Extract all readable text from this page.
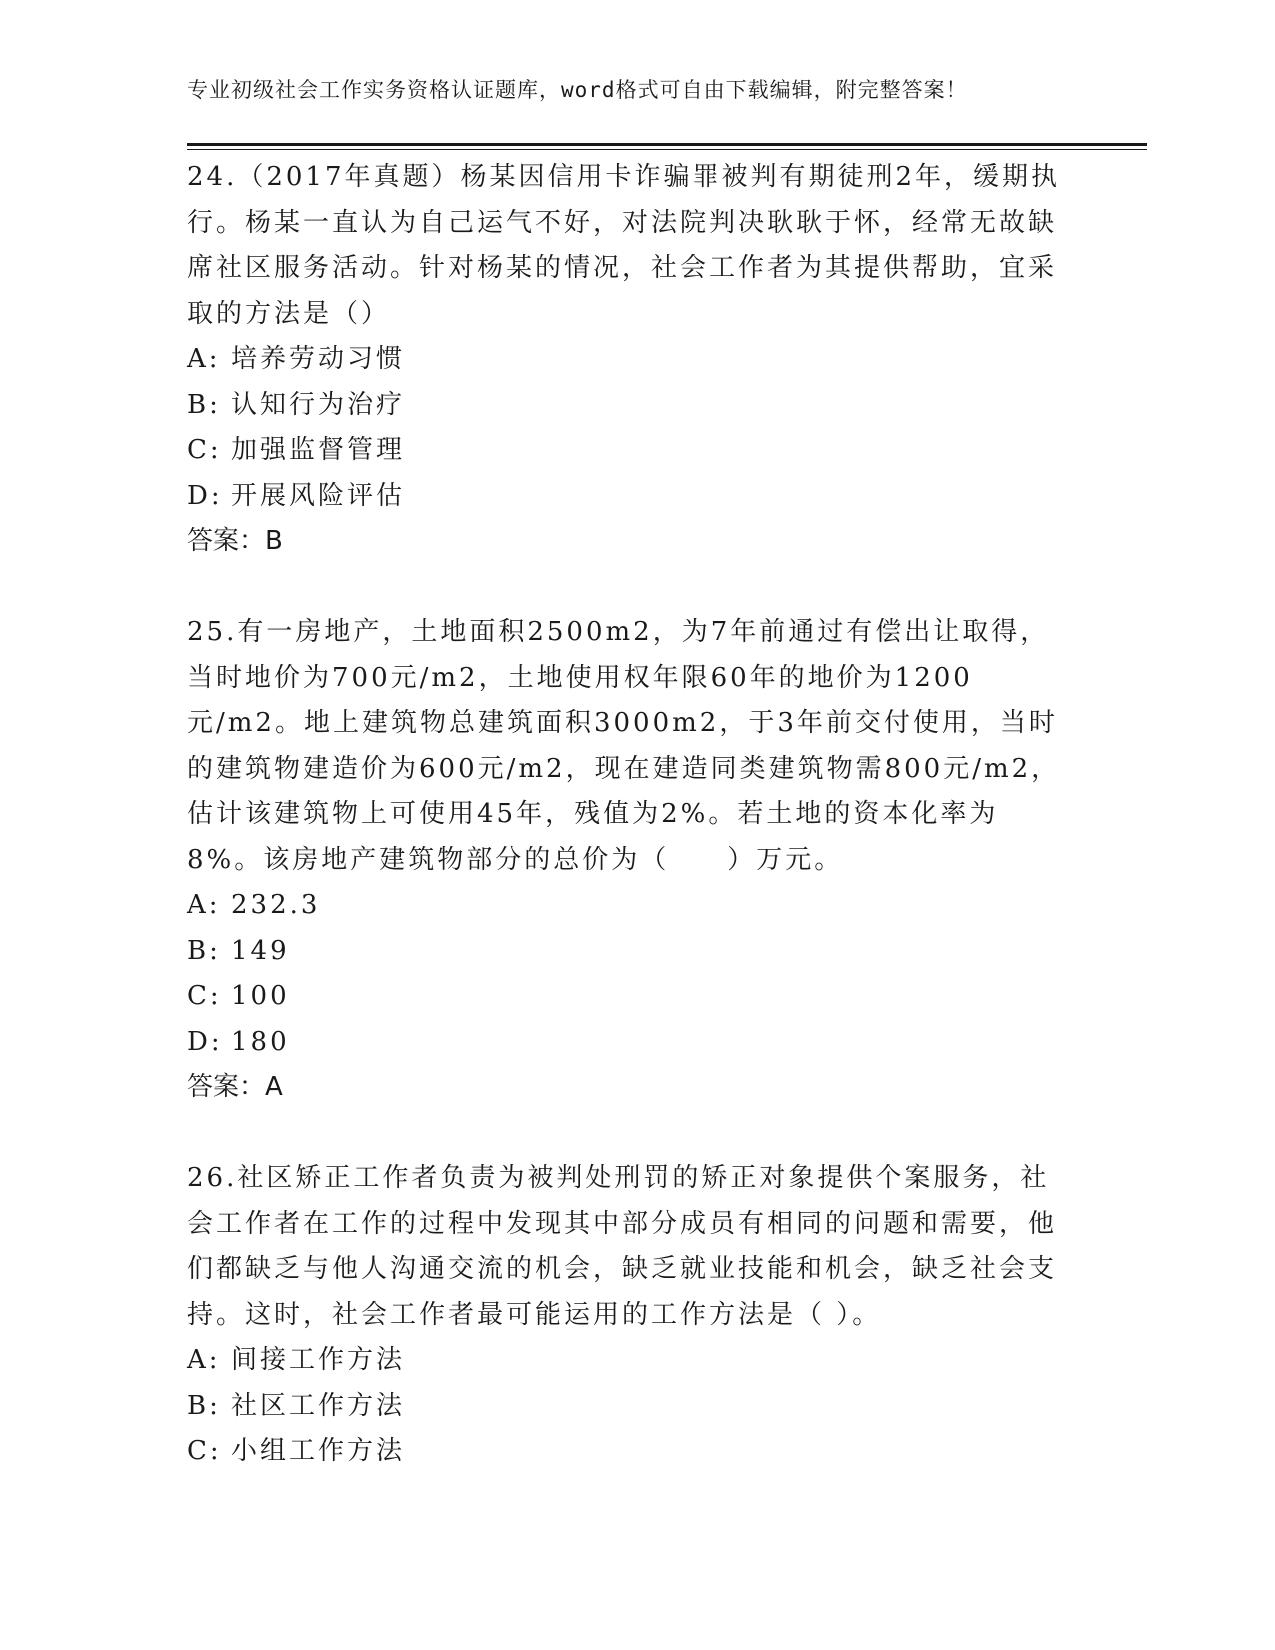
专业初级社会工作实务资格认证题库，word格式可自由下载编辑，附完整答案！

24.（2017年真题）杨某因信用卡诈骗罪被判有期徒刑2年，缓期执行。杨某一直认为自己运气不好，对法院判决耿耿于怀，经常无故缺席社区服务活动。针对杨某的情况，社会工作者为其提供帮助，宜采取的方法是（）

A: 培养劳动习惯

B: 认知行为治疗

C: 加强监督管理

D: 开展风险评估

答案：B

25.有一房地产，土地面积2500m2，为7年前通过有偿出让取得，当时地价为700元/m2，土地使用权年限60年的地价为1200元/m2。地上建筑物总建筑面积3000m2，于3年前交付使用，当时的建筑物建造价为600元/m2，现在建造同类建筑物需800元/m2，估计该建筑物上可使用45年，残值为2%。若土地的资本化率为8%。该房地产建筑物部分的总价为（　　）万元。

A: 232.3

B: 149

C: 100

D: 180

答案：A

26.社区矫正工作者负责为被判处刑罚的矫正对象提供个案服务，社会工作者在工作的过程中发现其中部分成员有相同的问题和需要，他们都缺乏与他人沟通交流的机会，缺乏就业技能和机会，缺乏社会支持。这时，社会工作者最可能运用的工作方法是（ ）。

A: 间接工作方法

B: 社区工作方法

C: 小组工作方法
